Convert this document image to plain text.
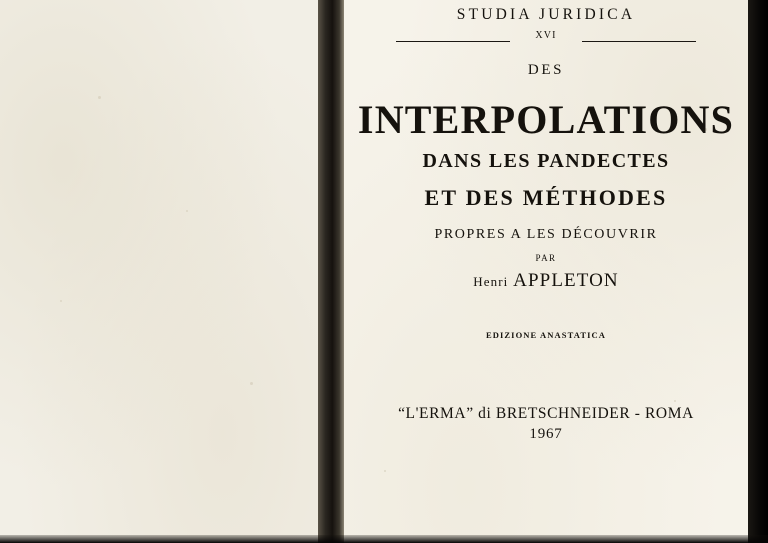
STUDIA JURIDICA
XVI
DES
INTERPOLATIONS
DANS LES PANDECTES
ET DES MÉTHODES
PROPRES A LES DÉCOUVRIR
PAR
Henri APPLETON
EDIZIONE ANASTATICA
“L'ERMA” di BRETSCHNEIDER - ROMA
1967
